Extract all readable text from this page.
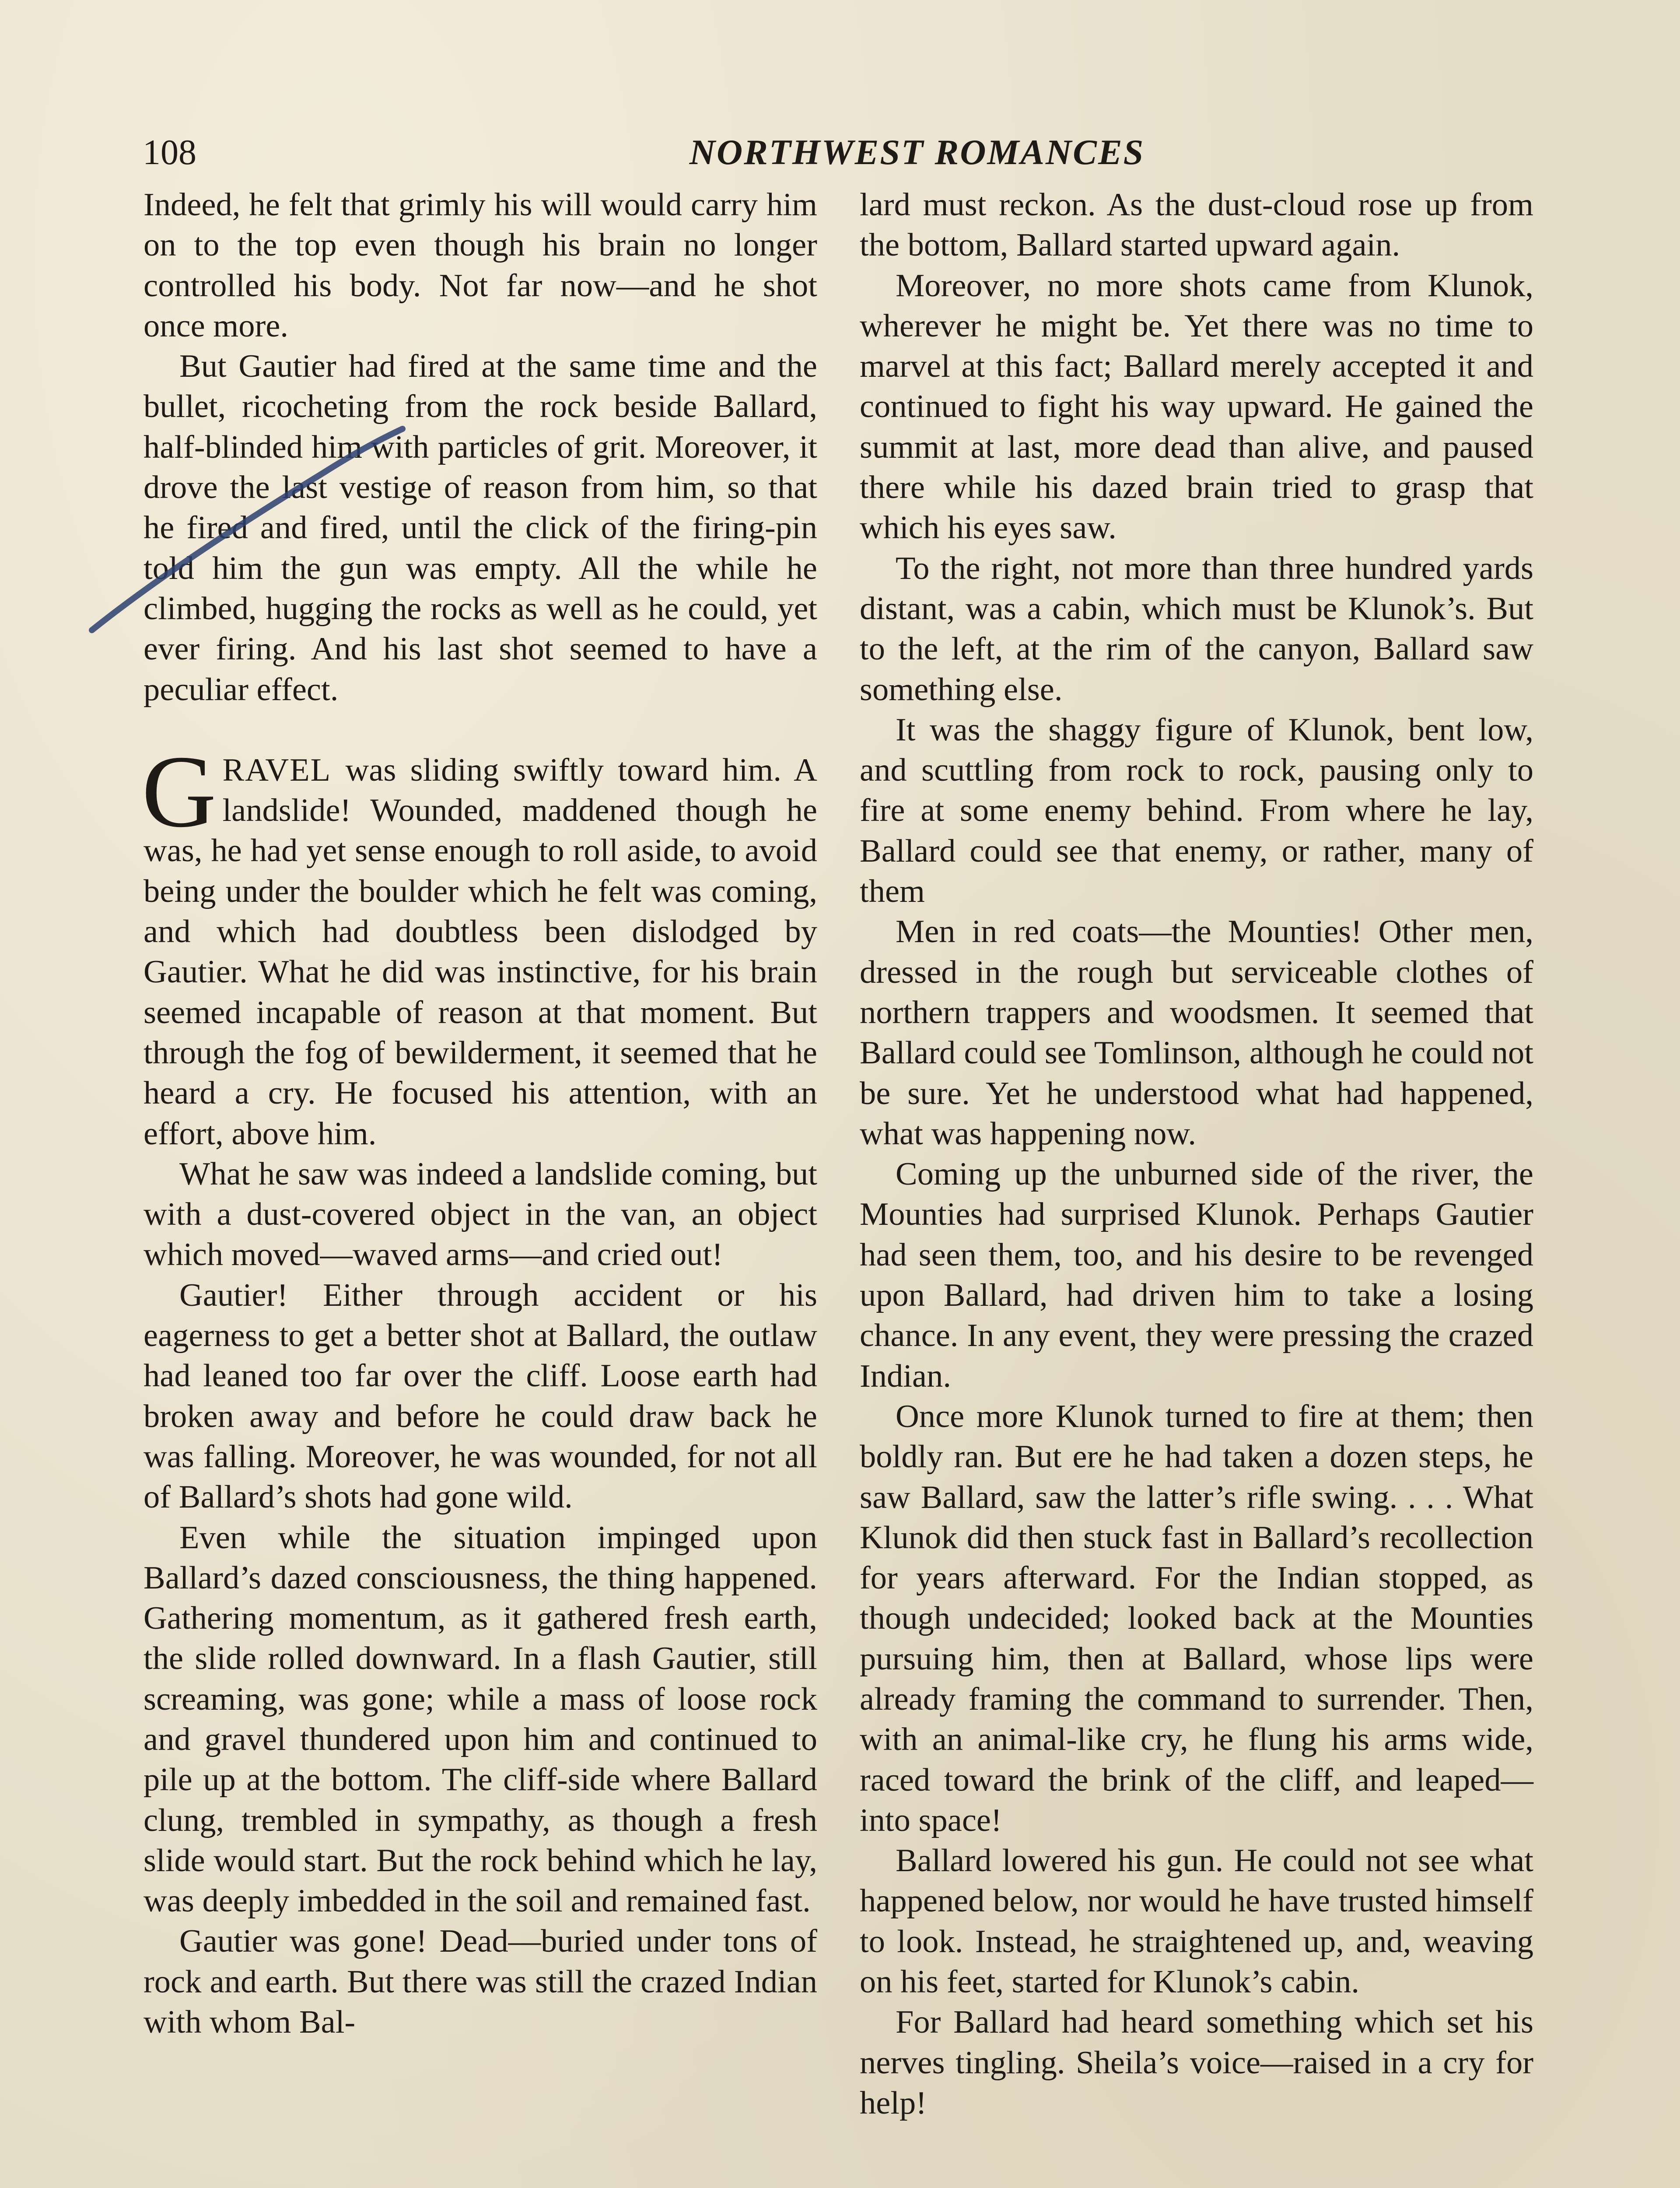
108	NORTHWEST ROMANCES

Indeed, he felt that grimly his will would carry him on to the top even though his brain no longer controlled his body. Not far now—and he shot once more.

But Gautier had fired at the same time and the bullet, ricocheting from the rock beside Ballard, half-blinded him with particles of grit. Moreover, it drove the last vestige of reason from him, so that he fired and fired, until the click of the firing-pin told him the gun was empty. All the while he climbed, hugging the rocks as well as he could, yet ever firing. And his last shot seemed to have a peculiar effect.

GRAVEL was sliding swiftly toward him. A landslide! Wounded, maddened though he was, he had yet sense enough to roll aside, to avoid being under the boulder which he felt was coming, and which had doubtless been dislodged by Gautier. What he did was instinctive, for his brain seemed incapable of reason at that moment. But through the fog of bewilderment, it seemed that he heard a cry. He focused his attention, with an effort, above him.

What he saw was indeed a landslide coming, but with a dust-covered object in the van, an object which moved—waved arms—and cried out!

Gautier! Either through accident or his eagerness to get a better shot at Ballard, the outlaw had leaned too far over the cliff. Loose earth had broken away and before he could draw back he was falling. Moreover, he was wounded, for not all of Ballard’s shots had gone wild.

Even while the situation impinged upon Ballard’s dazed consciousness, the thing happened. Gathering momentum, as it gathered fresh earth, the slide rolled downward. In a flash Gautier, still screaming, was gone; while a mass of loose rock and gravel thundered upon him and continued to pile up at the bottom. The cliff-side where Ballard clung, trembled in sympathy, as though a fresh slide would start. But the rock behind which he lay, was deeply imbedded in the soil and remained fast.

Gautier was gone! Dead—buried under tons of rock and earth. But there was still the crazed Indian with whom Bal-

lard must reckon. As the dust-cloud rose up from the bottom, Ballard started upward again.

Moreover, no more shots came from Klunok, wherever he might be. Yet there was no time to marvel at this fact; Ballard merely accepted it and continued to fight his way upward. He gained the summit at last, more dead than alive, and paused there while his dazed brain tried to grasp that which his eyes saw.

To the right, not more than three hundred yards distant, was a cabin, which must be Klunok’s. But to the left, at the rim of the canyon, Ballard saw something else.

It was the shaggy figure of Klunok, bent low, and scuttling from rock to rock, pausing only to fire at some enemy behind. From where he lay, Ballard could see that enemy, or rather, many of them

Men in red coats—the Mounties! Other men, dressed in the rough but serviceable clothes of northern trappers and woodsmen. It seemed that Ballard could see Tomlinson, although he could not be sure. Yet he understood what had happened, what was happening now.

Coming up the unburned side of the river, the Mounties had surprised Klunok. Perhaps Gautier had seen them, too, and his desire to be revenged upon Ballard, had driven him to take a losing chance. In any event, they were pressing the crazed Indian.

Once more Klunok turned to fire at them; then boldly ran. But ere he had taken a dozen steps, he saw Ballard, saw the latter’s rifle swing. . . . What Klunok did then stuck fast in Ballard’s recollection for years afterward. For the Indian stopped, as though undecided; looked back at the Mounties pursuing him, then at Ballard, whose lips were already framing the command to surrender. Then, with an animal-like cry, he flung his arms wide, raced toward the brink of the cliff, and leaped—into space!

Ballard lowered his gun. He could not see what happened below, nor would he have trusted himself to look. Instead, he straightened up, and, weaving on his feet, started for Klunok’s cabin.

For Ballard had heard something which set his nerves tingling. Sheila’s voice—raised in a cry for help!
